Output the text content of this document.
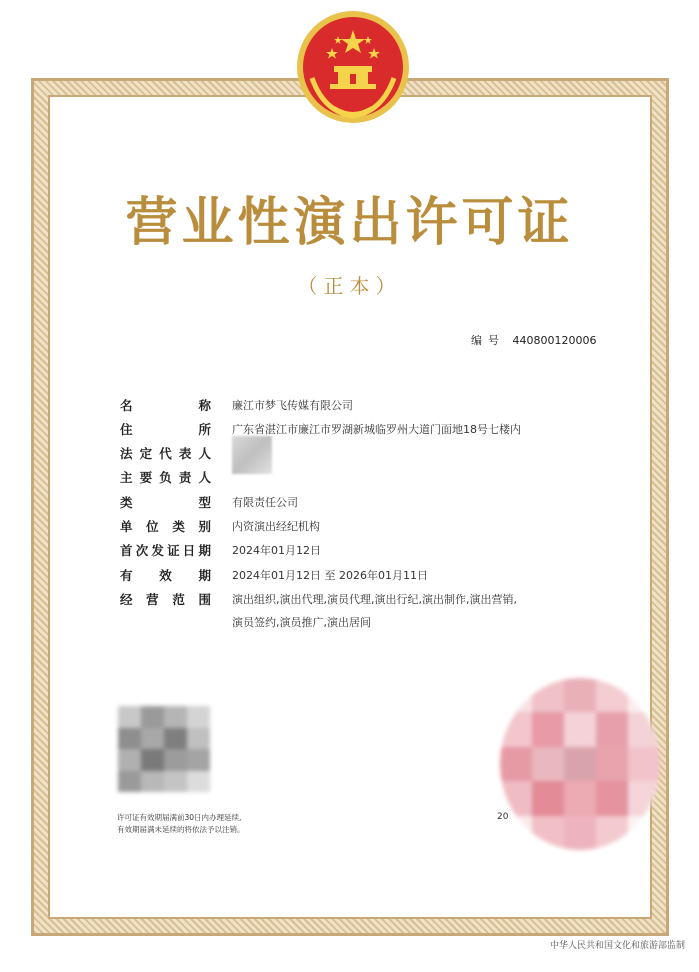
营业性演出许可证
（正本）
编号 440800120006
名　　称 廉江市梦飞传媒有限公司
住　　所 广东省湛江市廉江市罗湖新城临罗州大道门面地18号七楼内
法定代表人
主要负责人
类　　型 有限责任公司
单位类别 内资演出经纪机构
首次发证日期 2024年01月12日
有　效　期 2024年01月12日 至 2026年01月11日
经营范围 演出组织,演出代理,演员代理,演出行纪,演出制作,演出营销,
演员签约,演员推广,演出居间
许可证有效期届满前30日内办理延续,
有效期届满未延续的将依法予以注销。
20
中华人民共和国文化和旅游部监制
